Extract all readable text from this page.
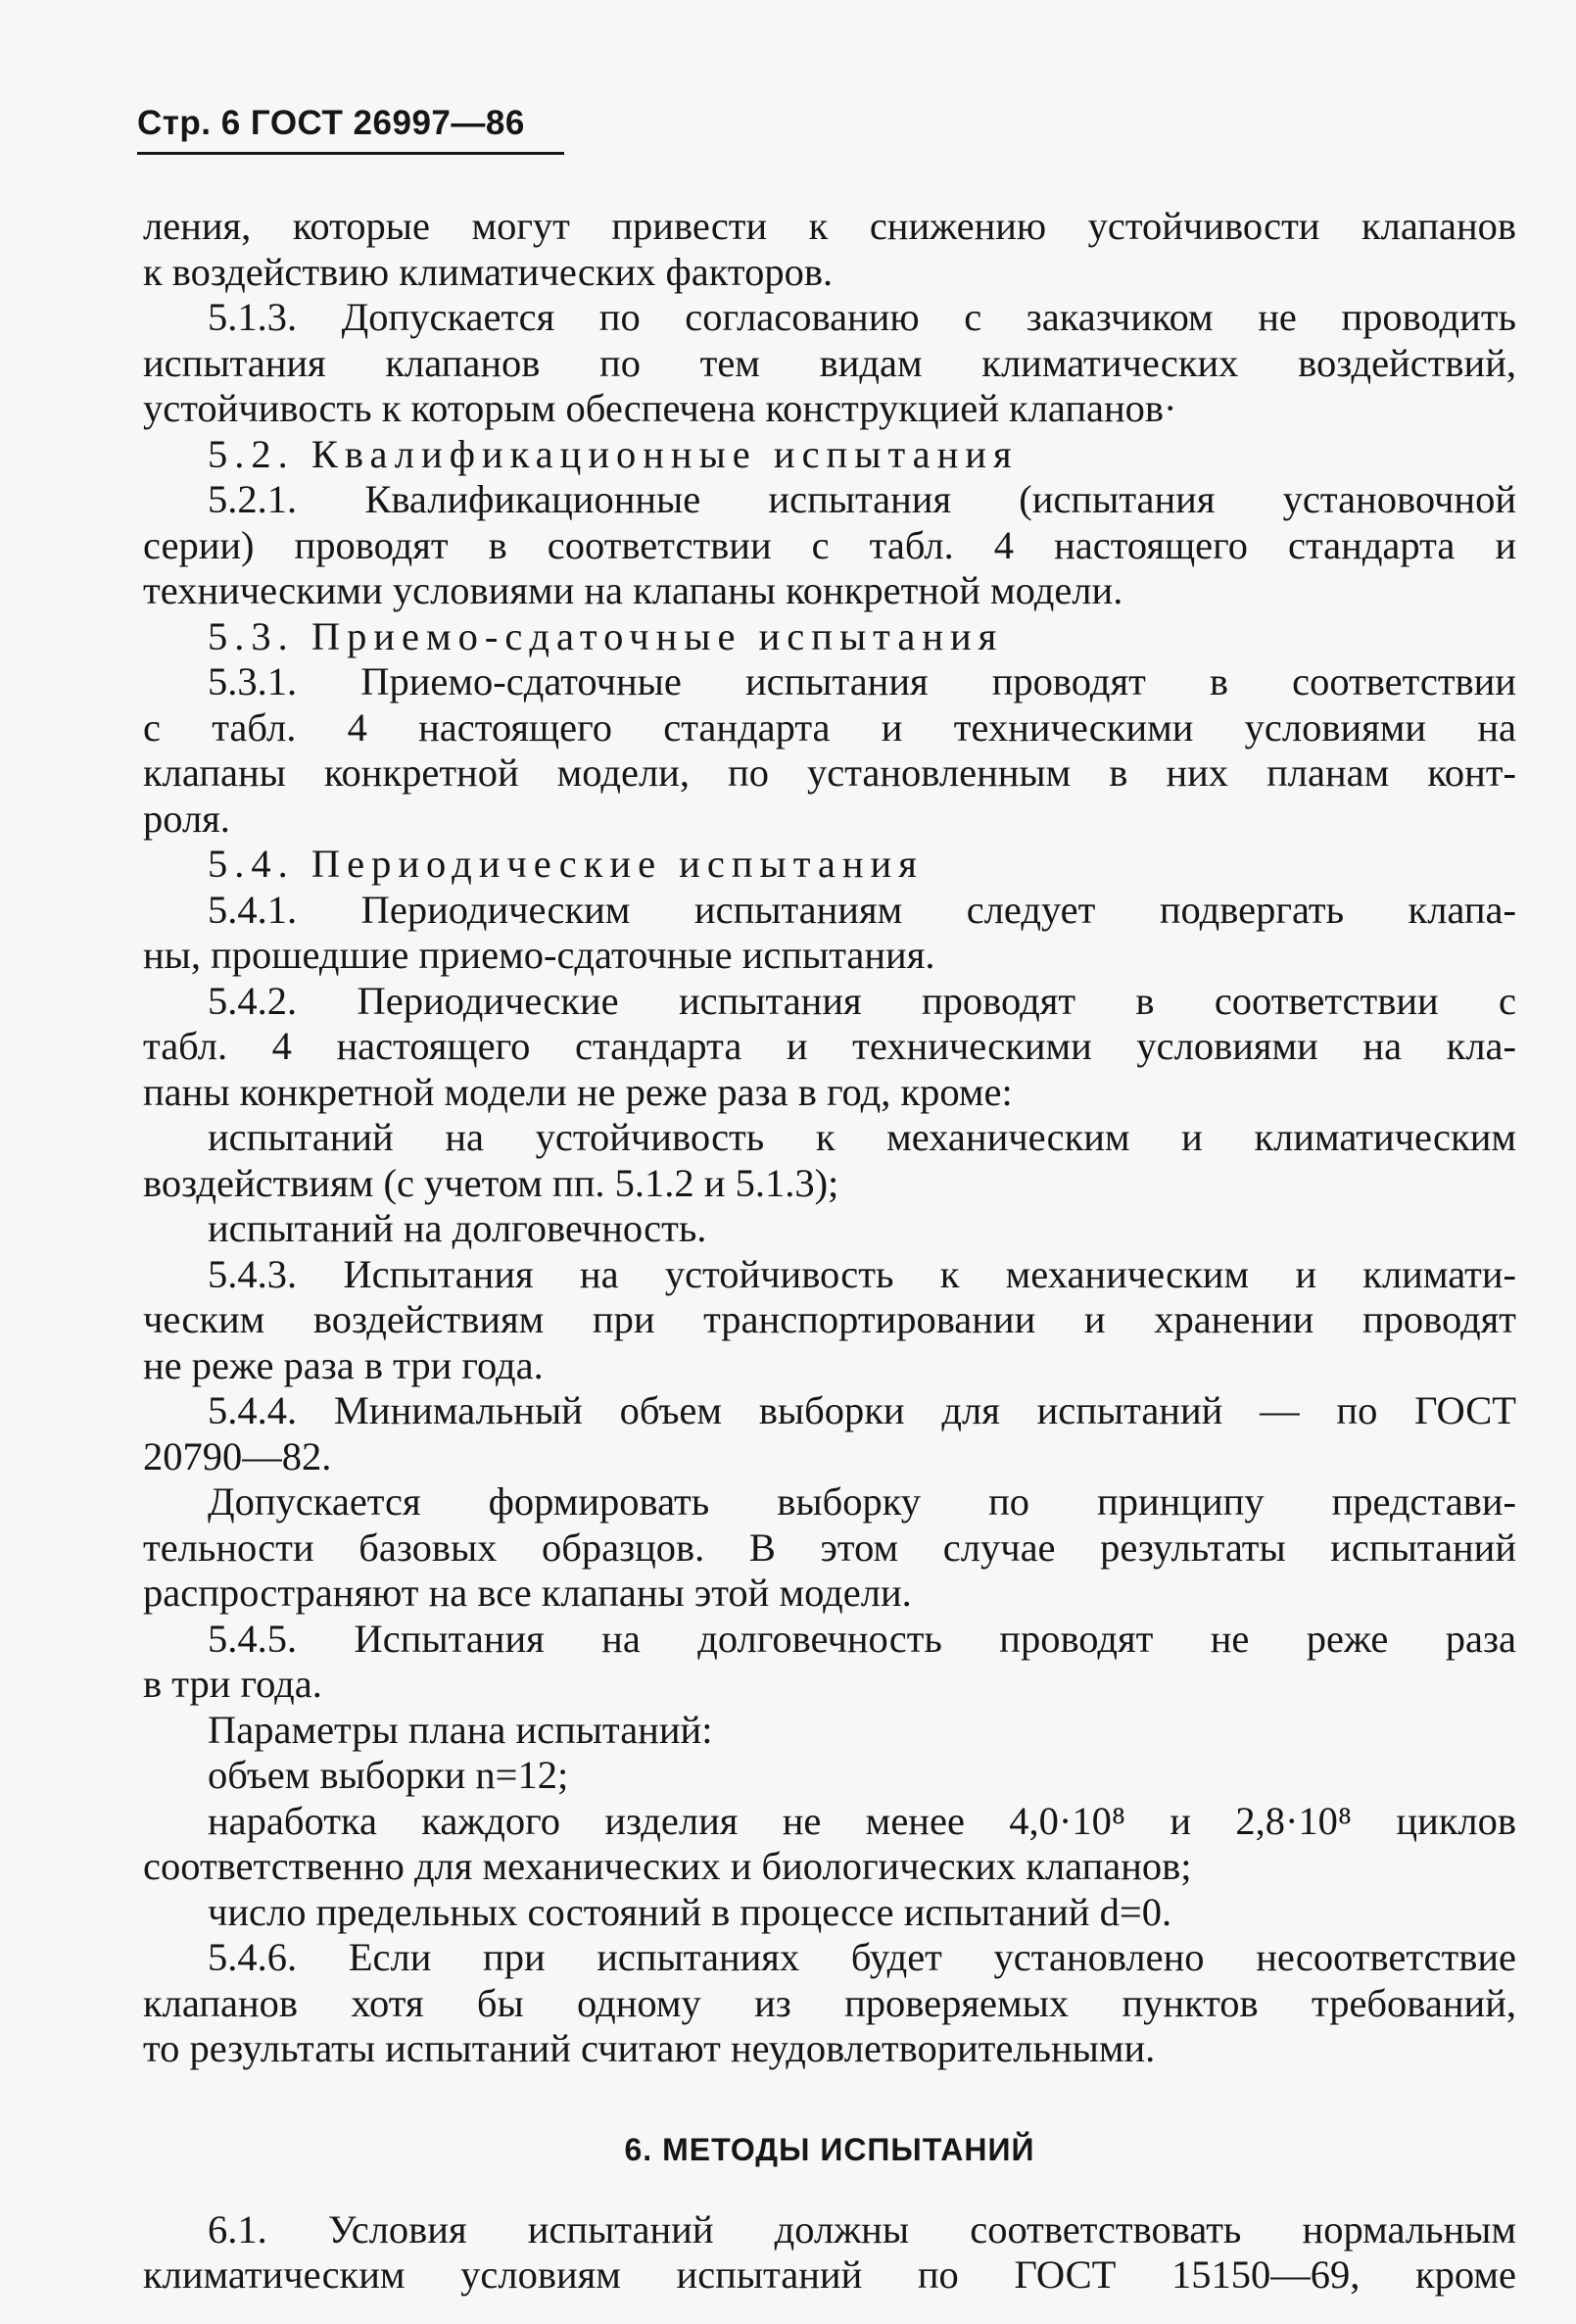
Стр. 6 ГОСТ 26997—86
ления, которые могут привести к снижению устойчивости клапанов
к воздействию климатических факторов.
5.1.3. Допускается по согласованию с заказчиком не проводить
испытания клапанов по тем видам климатических воздействий,
устойчивость к которым обеспечена конструкцией клапанов·
5.2. Квалификационные испытания
5.2.1. Квалификационные испытания (испытания установочной
серии) проводят в соответствии с табл. 4 настоящего стандарта и
техническими условиями на клапаны конкретной модели.
5.3. Приемо-сдаточные испытания
5.3.1. Приемо-сдаточные испытания проводят в соответствии
с табл. 4 настоящего стандарта и техническими условиями на
клапаны конкретной модели, по установленным в них планам конт-
роля.
5.4. Периодические испытания
5.4.1. Периодическим испытаниям следует подвергать клапа-
ны, прошедшие приемо-сдаточные испытания.
5.4.2. Периодические испытания проводят в соответствии с
табл. 4 настоящего стандарта и техническими условиями на кла-
паны конкретной модели не реже раза в год, кроме:
испытаний на устойчивость к механическим и климатическим
воздействиям (с учетом пп. 5.1.2 и 5.1.3);
испытаний на долговечность.
5.4.3. Испытания на устойчивость к механическим и климати-
ческим воздействиям при транспортировании и хранении проводят
не реже раза в три года.
5.4.4. Минимальный объем выборки для испытаний — по ГОСТ
20790—82.
Допускается формировать выборку по принципу представи-
тельности базовых образцов. В этом случае результаты испытаний
распространяют на все клапаны этой модели.
5.4.5. Испытания на долговечность проводят не реже раза
в три года.
Параметры плана испытаний:
объем выборки n=12;
наработка каждого изделия не менее 4,0·10⁸ и 2,8·10⁸ циклов
соответственно для механических и биологических клапанов;
число предельных состояний в процессе испытаний d=0.
5.4.6. Если при испытаниях будет установлено несоответствие
клапанов хотя бы одному из проверяемых пунктов требований,
то результаты испытаний считают неудовлетворительными.
6. МЕТОДЫ ИСПЫТАНИЙ
6.1. Условия испытаний должны соответствовать нормальным
климатическим условиям испытаний по ГОСТ 15150—69, кроме
